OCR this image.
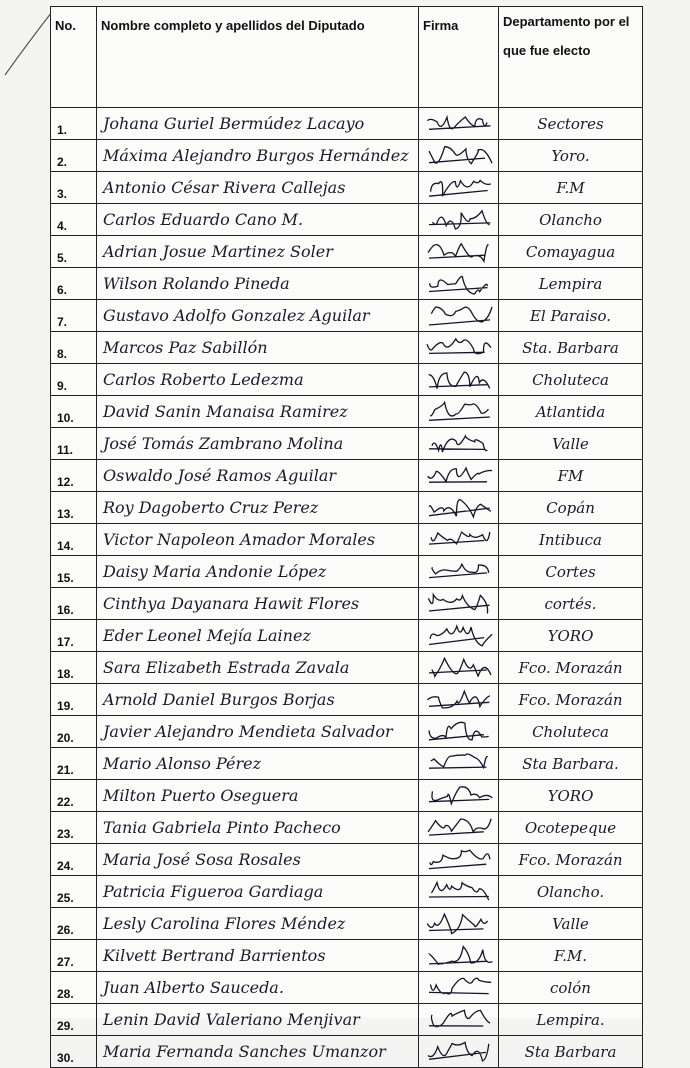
No.	Nombre completo y apellidos del Diputado	Firma	Departamento por el que fue electo
1.	Johana Guriel Bermúdez Lacayo		Sectores
2.	Máxima Alejandro Burgos Hernández		Yoro.
3.	Antonio César Rivera Callejas		F.M
4.	Carlos Eduardo Cano M.		Olancho
5.	Adrian Josue Martinez Soler		Comayagua
6.	Wilson Rolando Pineda		Lempira
7.	Gustavo Adolfo Gonzalez Aguilar		El Paraiso.
8.	Marcos Paz Sabillón		Sta. Barbara
9.	Carlos Roberto Ledezma		Choluteca
10.	David Sanin Manaisa Ramirez		Atlantida
11.	José Tomás Zambrano Molina		Valle
12.	Oswaldo José Ramos Aguilar		FM
13.	Roy Dagoberto Cruz Perez		Copán
14.	Victor Napoleon Amador Morales		Intibuca
15.	Daisy Maria Andonie López		Cortes
16.	Cinthya Dayanara Hawit Flores		cortés.
17.	Eder Leonel Mejía Lainez		YORO
18.	Sara Elizabeth Estrada Zavala		Fco. Morazán
19.	Arnold Daniel Burgos Borjas		Fco. Morazán
20.	Javier Alejandro Mendieta Salvador		Choluteca
21.	Mario Alonso Pérez		Sta Barbara.
22.	Milton Puerto Oseguera		YORO
23.	Tania Gabriela Pinto Pacheco		Ocotepeque
24.	Maria José Sosa Rosales		Fco. Morazán
25.	Patricia Figueroa Gardiaga		Olancho.
26.	Lesly Carolina Flores Méndez		Valle
27.	Kilvett Bertrand Barrientos		F.M.
28.	Juan Alberto Sauceda.		colón
29.	Lenin David Valeriano Menjivar		Lempira.
30.	Maria Fernanda Sanches Umanzor		Sta Barbara
